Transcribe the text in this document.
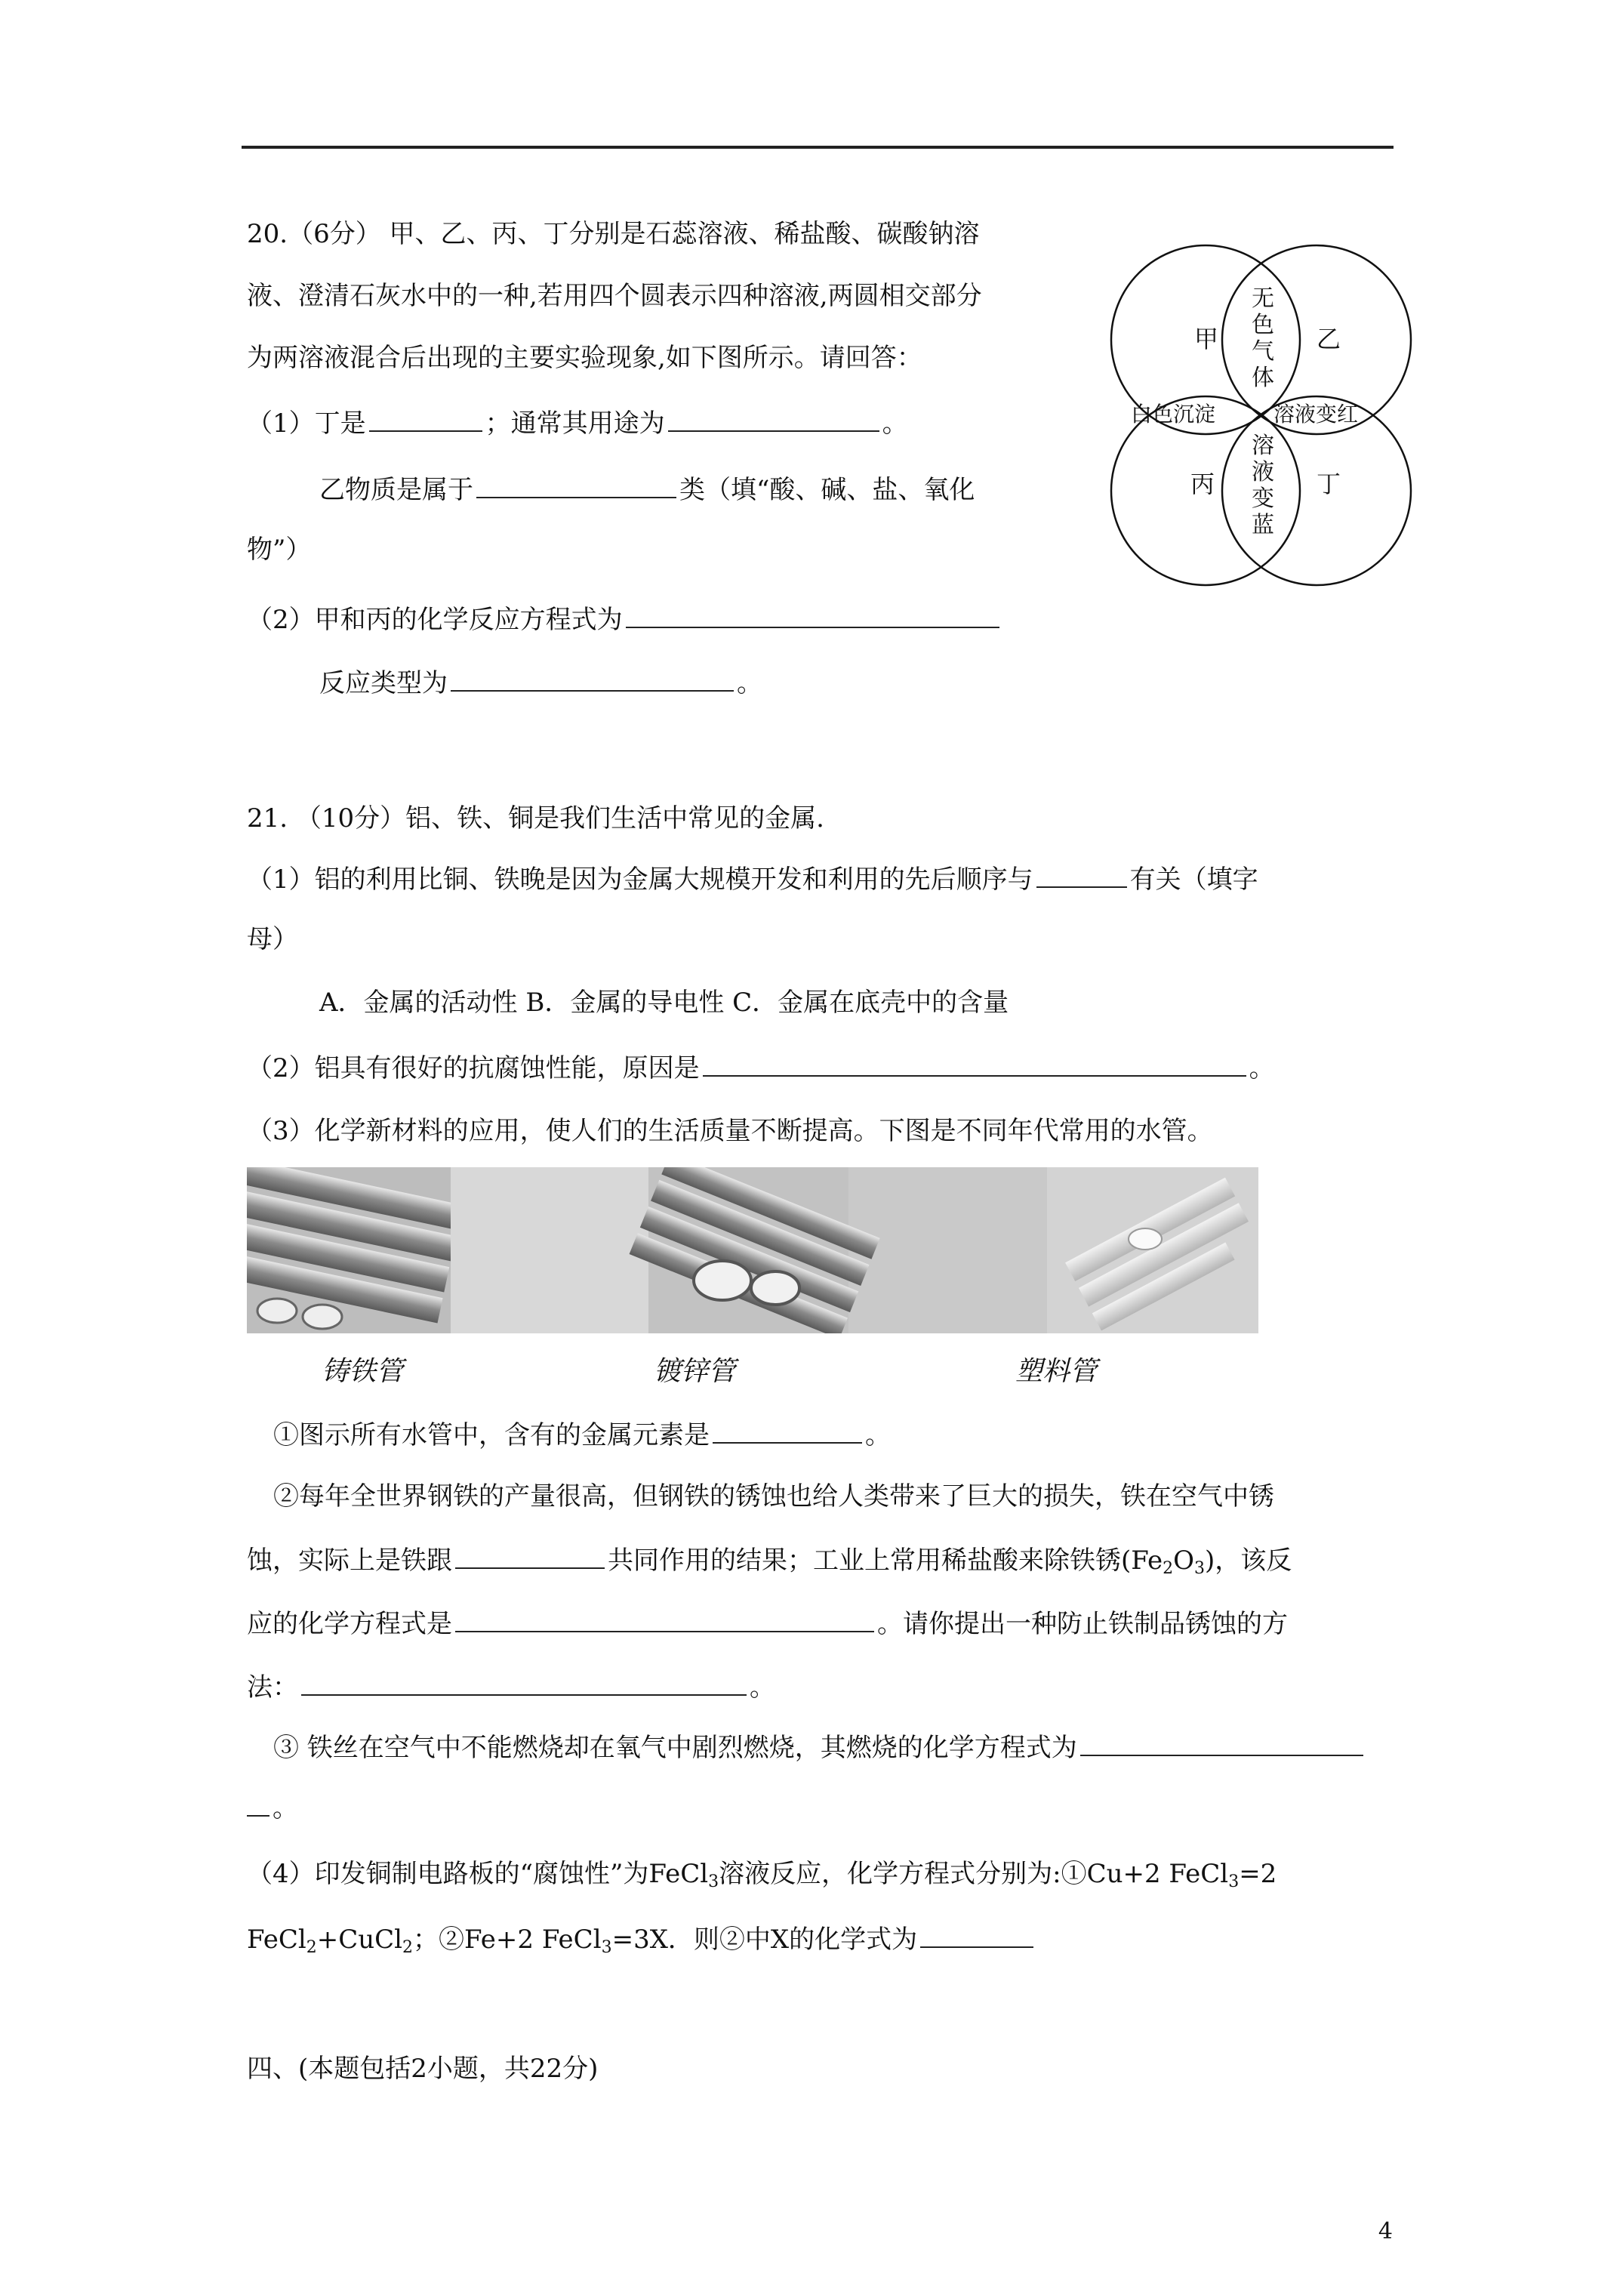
20.（6分） 甲、乙、丙、丁分别是石蕊溶液、稀盐酸、碳酸钠溶
液、澄清石灰水中的一种,若用四个圆表示四种溶液,两圆相交部分
为两溶液混合后出现的主要实验现象,如下图所示。请回答：
（1）丁是	；通常其用途为	。
乙物质是属于	类（填“酸、碱、盐、氧化
物”）
（2）甲和丙的化学反应方程式为
反应类型为	。
甲	乙
丙	丁
无
色
气
体
白色沉淀	溶液变红
溶
液
变
蓝
21. （10分）铝、铁、铜是我们生活中常见的金属.
（1）铝的利用比铜、铁晚是因为金属大规模开发和利用的先后顺序与	有关（填字
母）
A．金属的活动性 B．金属的导电性 C．金属在底壳中的含量
（2）铝具有很好的抗腐蚀性能，原因是	。
（3）化学新材料的应用，使人们的生活质量不断提高。下图是不同年代常用的水管。
铸铁管	镀锌管	塑料管
①图示所有水管中，含有的金属元素是	。
②每年全世界钢铁的产量很高，但钢铁的锈蚀也给人类带来了巨大的损失，铁在空气中锈
蚀，实际上是铁跟	共同作用的结果；工业上常用稀盐酸来除铁锈$(Fe_2O_3)$，该反
应的化学方程式是	。请你提出一种防止铁制品锈蚀的方
法：	。
③ 铁丝在空气中不能燃烧却在氧气中剧烈燃烧，其燃烧的化学方程式为
。
（4）印发铜制电路板的“腐蚀性”为FeCl$_3$溶液反应，化学方程式分别为:①Cu+2 FeCl$_3$=2
FeCl$_2$+CuCl$_2$；②Fe+2 FeCl$_3$=3X．则②中X的化学式为
四、(本题包括2小题，共22分)
4
